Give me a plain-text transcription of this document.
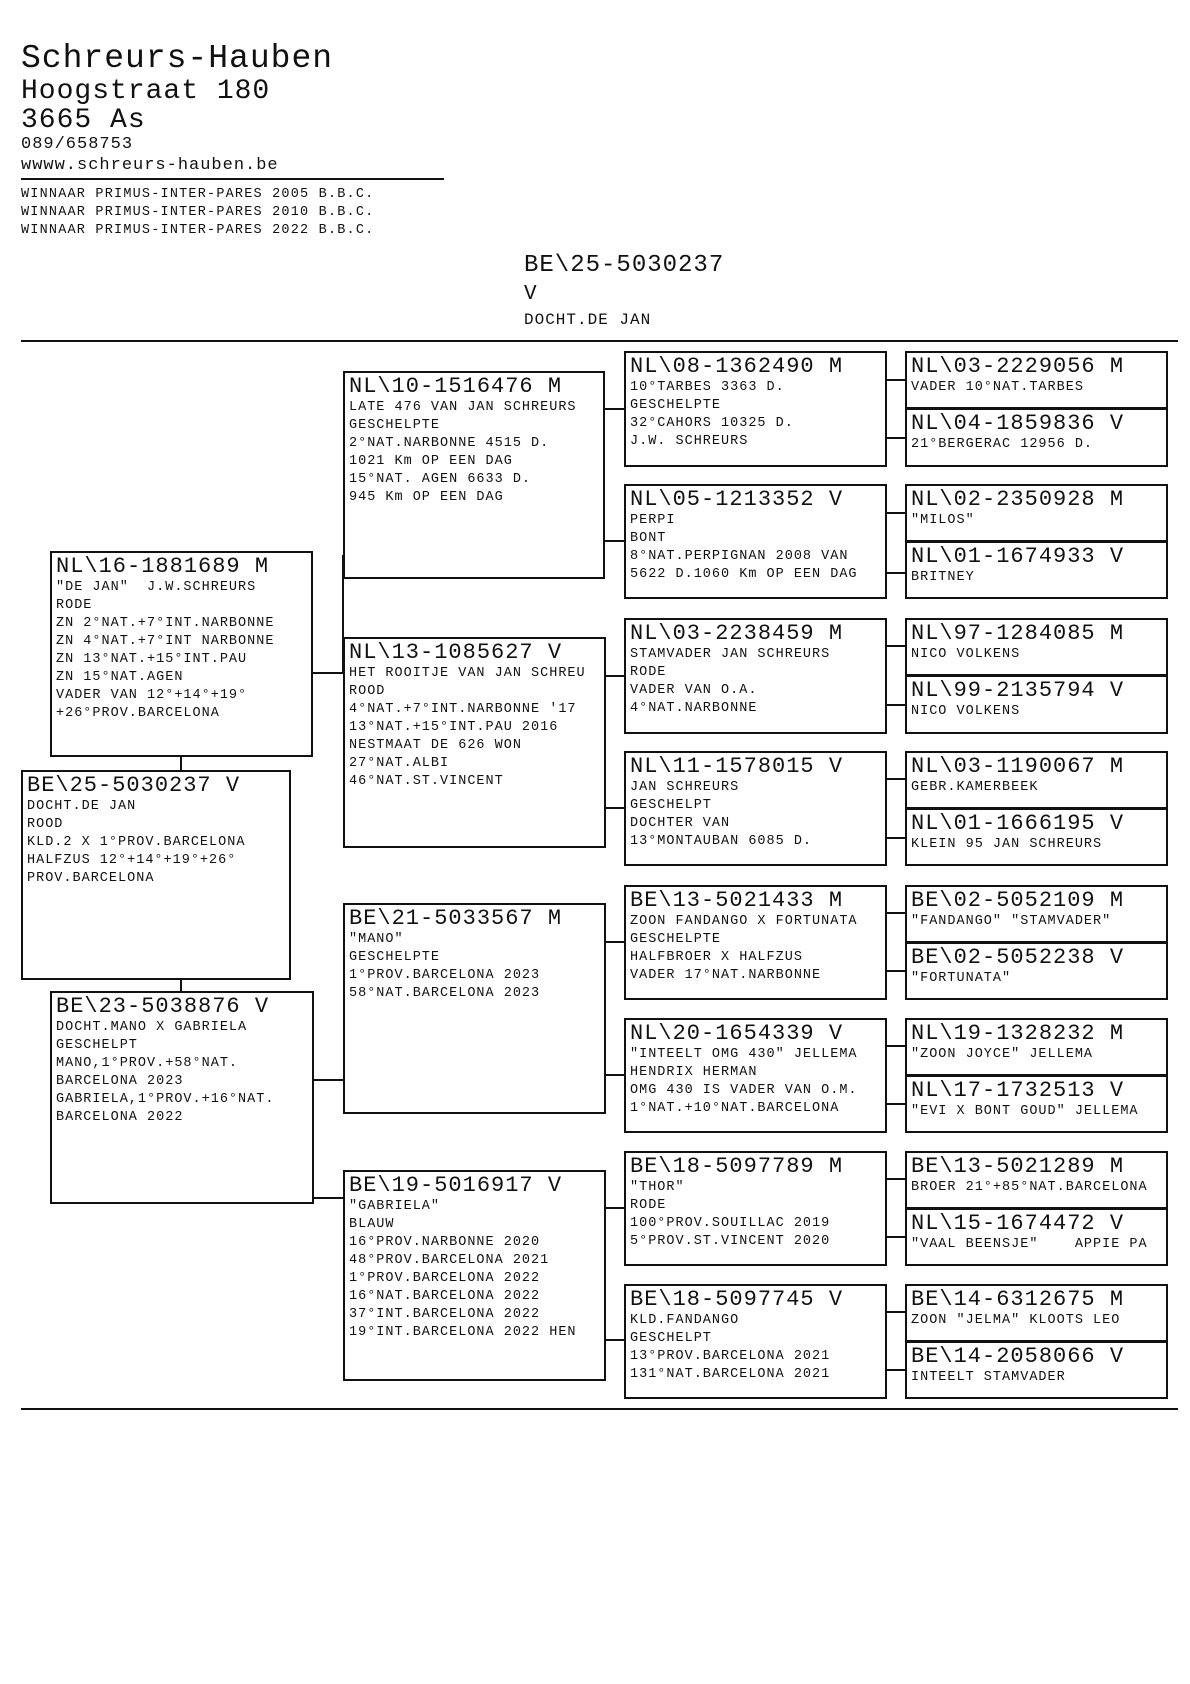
Schreurs-Hauben
Hoogstraat 180
3665 As
089/658753
wwww.schreurs-hauben.be
WINNAAR PRIMUS-INTER-PARES 2005 B.B.C.
WINNAAR PRIMUS-INTER-PARES 2010 B.B.C.
WINNAAR PRIMUS-INTER-PARES 2022 B.B.C.
BE\25-5030237
V
DOCHT.DE JAN
BE\25-5030237 V
DOCHT.DE JAN
ROOD
KLD.2 X 1°PROV.BARCELONA
HALFZUS 12°+14°+19°+26°
PROV.BARCELONA
NL\16-1881689 M
"DE JAN"  J.W.SCHREURS
RODE
ZN 2°NAT.+7°INT.NARBONNE
ZN 4°NAT.+7°INT NARBONNE
ZN 13°NAT.+15°INT.PAU
ZN 15°NAT.AGEN
VADER VAN 12°+14°+19°
+26°PROV.BARCELONA
BE\23-5038876 V
DOCHT.MANO X GABRIELA
GESCHELPT
MANO,1°PROV.+58°NAT.
BARCELONA 2023
GABRIELA,1°PROV.+16°NAT.
BARCELONA 2022
NL\10-1516476 M
LATE 476 VAN JAN SCHREURS
GESCHELPTE
2°NAT.NARBONNE 4515 D.
1021 Km OP EEN DAG
15°NAT. AGEN 6633 D.
945 Km OP EEN DAG
NL\13-1085627 V
HET ROOITJE VAN JAN SCHREU
ROOD
4°NAT.+7°INT.NARBONNE '17
13°NAT.+15°INT.PAU 2016
NESTMAAT DE 626 WON
27°NAT.ALBI
46°NAT.ST.VINCENT
BE\21-5033567 M
"MANO"
GESCHELPTE
1°PROV.BARCELONA 2023
58°NAT.BARCELONA 2023
BE\19-5016917 V
"GABRIELA"
BLAUW
16°PROV.NARBONNE 2020
48°PROV.BARCELONA 2021
1°PROV.BARCELONA 2022
16°NAT.BARCELONA 2022
37°INT.BARCELONA 2022
19°INT.BARCELONA 2022 HEN
NL\08-1362490 M
10°TARBES 3363 D.
GESCHELPTE
32°CAHORS 10325 D.
J.W. SCHREURS
NL\05-1213352 V
PERPI
BONT
8°NAT.PERPIGNAN 2008 VAN
5622 D.1060 Km OP EEN DAG
NL\03-2238459 M
STAMVADER JAN SCHREURS
RODE
VADER VAN O.A.
4°NAT.NARBONNE
NL\11-1578015 V
JAN SCHREURS
GESCHELPT
DOCHTER VAN
13°MONTAUBAN 6085 D.
BE\13-5021433 M
ZOON FANDANGO X FORTUNATA
GESCHELPTE
HALFBROER X HALFZUS
VADER 17°NAT.NARBONNE
NL\20-1654339 V
"INTEELT OMG 430" JELLEMA
HENDRIX HERMAN
OMG 430 IS VADER VAN O.M.
1°NAT.+10°NAT.BARCELONA
BE\18-5097789 M
"THOR"
RODE
100°PROV.SOUILLAC 2019
5°PROV.ST.VINCENT 2020
BE\18-5097745 V
KLD.FANDANGO
GESCHELPT
13°PROV.BARCELONA 2021
131°NAT.BARCELONA 2021
NL\03-2229056 M
VADER 10°NAT.TARBES
NL\04-1859836 V
21°BERGERAC 12956 D.
NL\02-2350928 M
"MILOS"
NL\01-1674933 V
BRITNEY
NL\97-1284085 M
NICO VOLKENS
NL\99-2135794 V
NICO VOLKENS
NL\03-1190067 M
GEBR.KAMERBEEK
NL\01-1666195 V
KLEIN 95 JAN SCHREURS
BE\02-5052109 M
"FANDANGO" "STAMVADER"
BE\02-5052238 V
"FORTUNATA"
NL\19-1328232 M
"ZOON JOYCE" JELLEMA
NL\17-1732513 V
"EVI X BONT GOUD" JELLEMA
BE\13-5021289 M
BROER 21°+85°NAT.BARCELONA
NL\15-1674472 V
"VAAL BEENSJE"    APPIE PA
BE\14-6312675 M
ZOON "JELMA" KLOOTS LEO
BE\14-2058066 V
INTEELT STAMVADER
